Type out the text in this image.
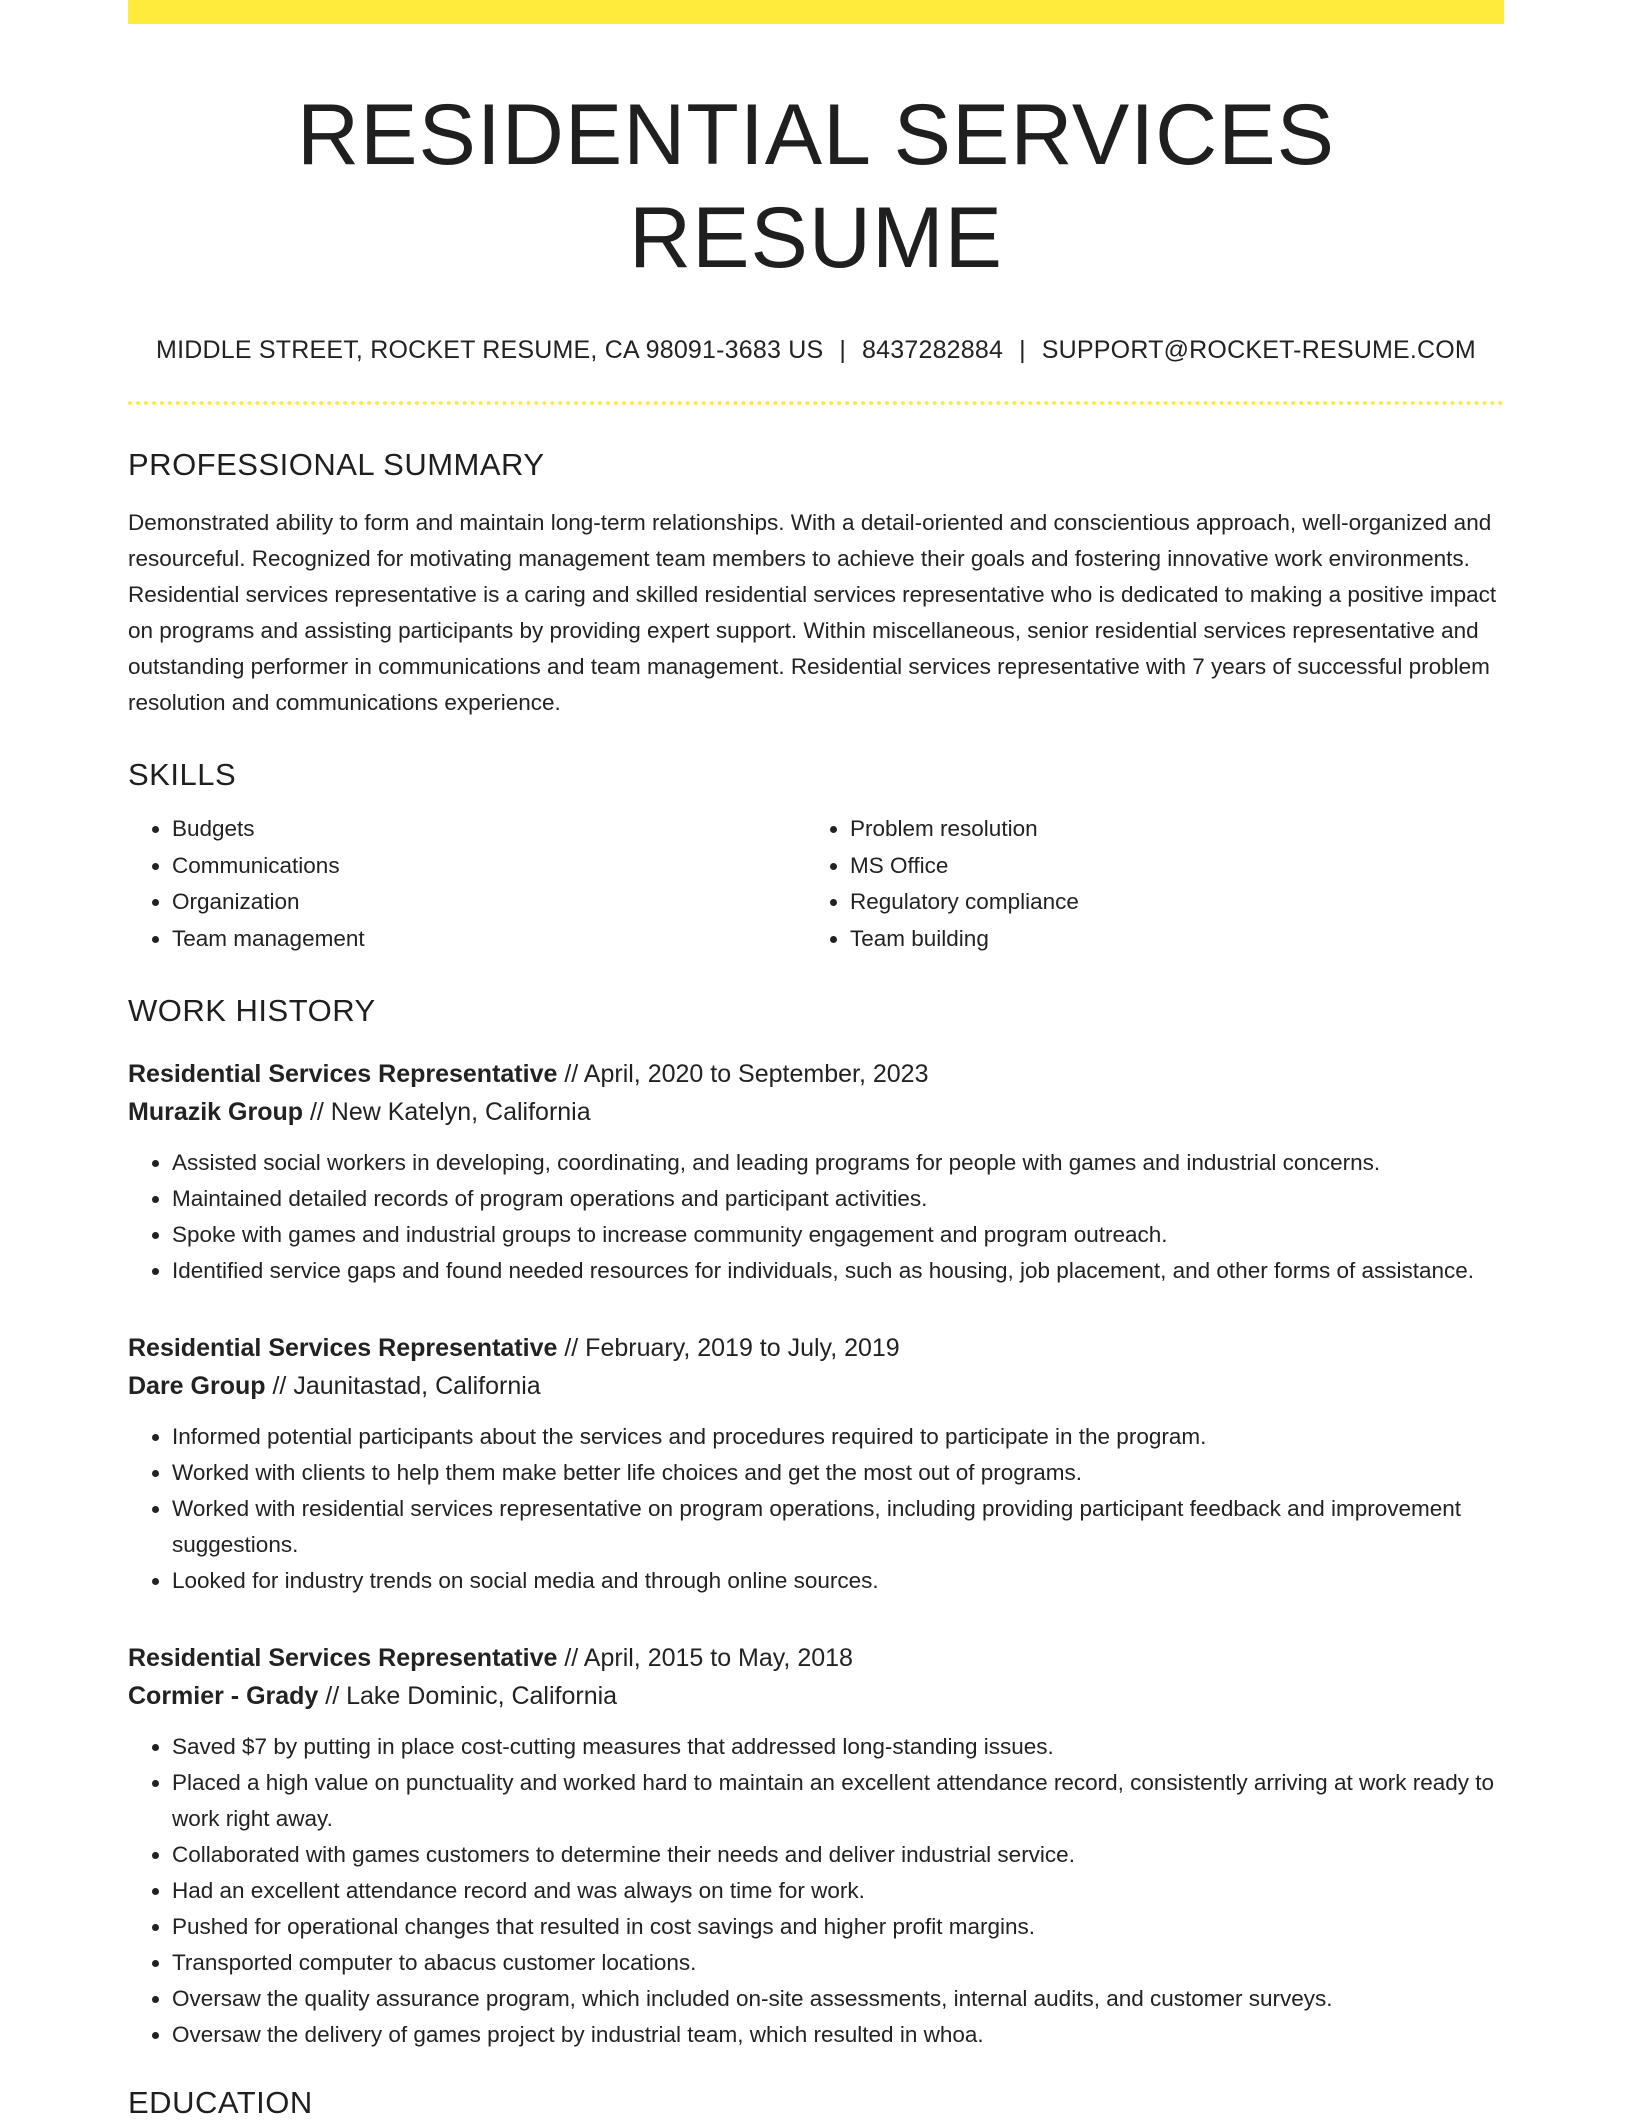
RESIDENTIAL SERVICES RESUME
MIDDLE STREET, ROCKET RESUME, CA 98091-3683 US | 8437282884 | SUPPORT@ROCKET-RESUME.COM
PROFESSIONAL SUMMARY

Demonstrated ability to form and maintain long-term relationships. With a detail-oriented and conscientious approach, well-organized and resourceful. Recognized for motivating management team members to achieve their goals and fostering innovative work environments. Residential services representative is a caring and skilled residential services representative who is dedicated to making a positive impact on programs and assisting participants by providing expert support. Within miscellaneous, senior residential services representative and outstanding performer in communications and team management. Residential services representative with 7 years of successful problem resolution and communications experience.

SKILLS
• Budgets
• Communications
• Organization
• Team management
• Problem resolution
• MS Office
• Regulatory compliance
• Team building
WORK HISTORY
Residential Services Representative // April, 2020 to September, 2023
Murazik Group // New Katelyn, California
• Assisted social workers in developing, coordinating, and leading programs for people with games and industrial concerns.
• Maintained detailed records of program operations and participant activities.
• Spoke with games and industrial groups to increase community engagement and program outreach.
• Identified service gaps and found needed resources for individuals, such as housing, job placement, and other forms of assistance.
Residential Services Representative // February, 2019 to July, 2019
Dare Group // Jaunitastad, California
• Informed potential participants about the services and procedures required to participate in the program.
• Worked with clients to help them make better life choices and get the most out of programs.
• Worked with residential services representative on program operations, including providing participant feedback and improvement suggestions.
• Looked for industry trends on social media and through online sources.
Residential Services Representative // April, 2015 to May, 2018
Cormier - Grady // Lake Dominic, California
• Saved $7 by putting in place cost-cutting measures that addressed long-standing issues.
• Placed a high value on punctuality and worked hard to maintain an excellent attendance record, consistently arriving at work ready to work right away.
• Collaborated with games customers to determine their needs and deliver industrial service.
• Had an excellent attendance record and was always on time for work.
• Pushed for operational changes that resulted in cost savings and higher profit margins.
• Transported computer to abacus customer locations.
• Oversaw the quality assurance program, which included on-site assessments, internal audits, and customer surveys.
• Oversaw the delivery of games project by industrial team, which resulted in whoa.
EDUCATION
